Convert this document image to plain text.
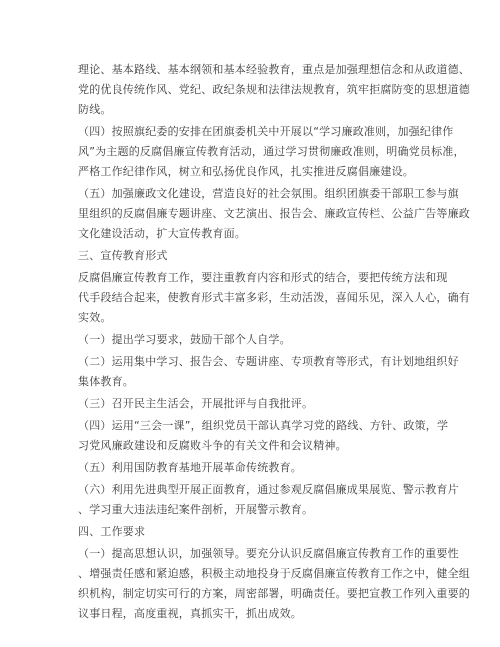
理论、基本路线、基本纲领和基本经验教育，重点是加强理想信念和从政道德、
党的优良传统作风、党纪、政纪条规和法律法规教育，筑牢拒腐防变的思想道德
防线。

（四）按照旗纪委的安排在团旗委机关中开展以“学习廉政准则，加强纪律作
风”为主题的反腐倡廉宣传教育活动，通过学习贯彻廉政准则，明确党员标准，
严格工作纪律作风，树立和弘扬优良作风，扎实推进反腐倡廉建设。

（五）加强廉政文化建设，营造良好的社会氛围。组织团旗委干部职工参与旗
里组织的反腐倡廉专题讲座、文艺演出、报告会、廉政宣传栏、公益广告等廉政
文化建设活动，扩大宣传教育面。

三、宣传教育形式

反腐倡廉宣传教育工作，要注重教育内容和形式的结合，要把传统方法和现
代手段结合起来，使教育形式丰富多彩，生动活泼，喜闻乐见，深入人心，确有
实效。

（一）提出学习要求，鼓励干部个人自学。

（二）运用集中学习、报告会、专题讲座、专项教育等形式，有计划地组织好
集体教育。

（三）召开民主生活会，开展批评与自我批评。

（四）运用“三会一课”，组织党员干部认真学习党的路线、方针、政策，学
习党风廉政建设和反腐败斗争的有关文件和会议精神。

（五）利用国防教育基地开展革命传统教育。

（六）利用先进典型开展正面教育，通过参观反腐倡廉成果展览、警示教育片
、学习重大违法违纪案件剖析，开展警示教育。

四、工作要求

（一）提高思想认识，加强领导。要充分认识反腐倡廉宣传教育工作的重要性
、增强责任感和紧迫感，积极主动地投身于反腐倡廉宣传教育工作之中，健全组
织机构，制定切实可行的方案，周密部署，明确责任。要把宣教工作列入重要的
议事日程，高度重视，真抓实干，抓出成效。
